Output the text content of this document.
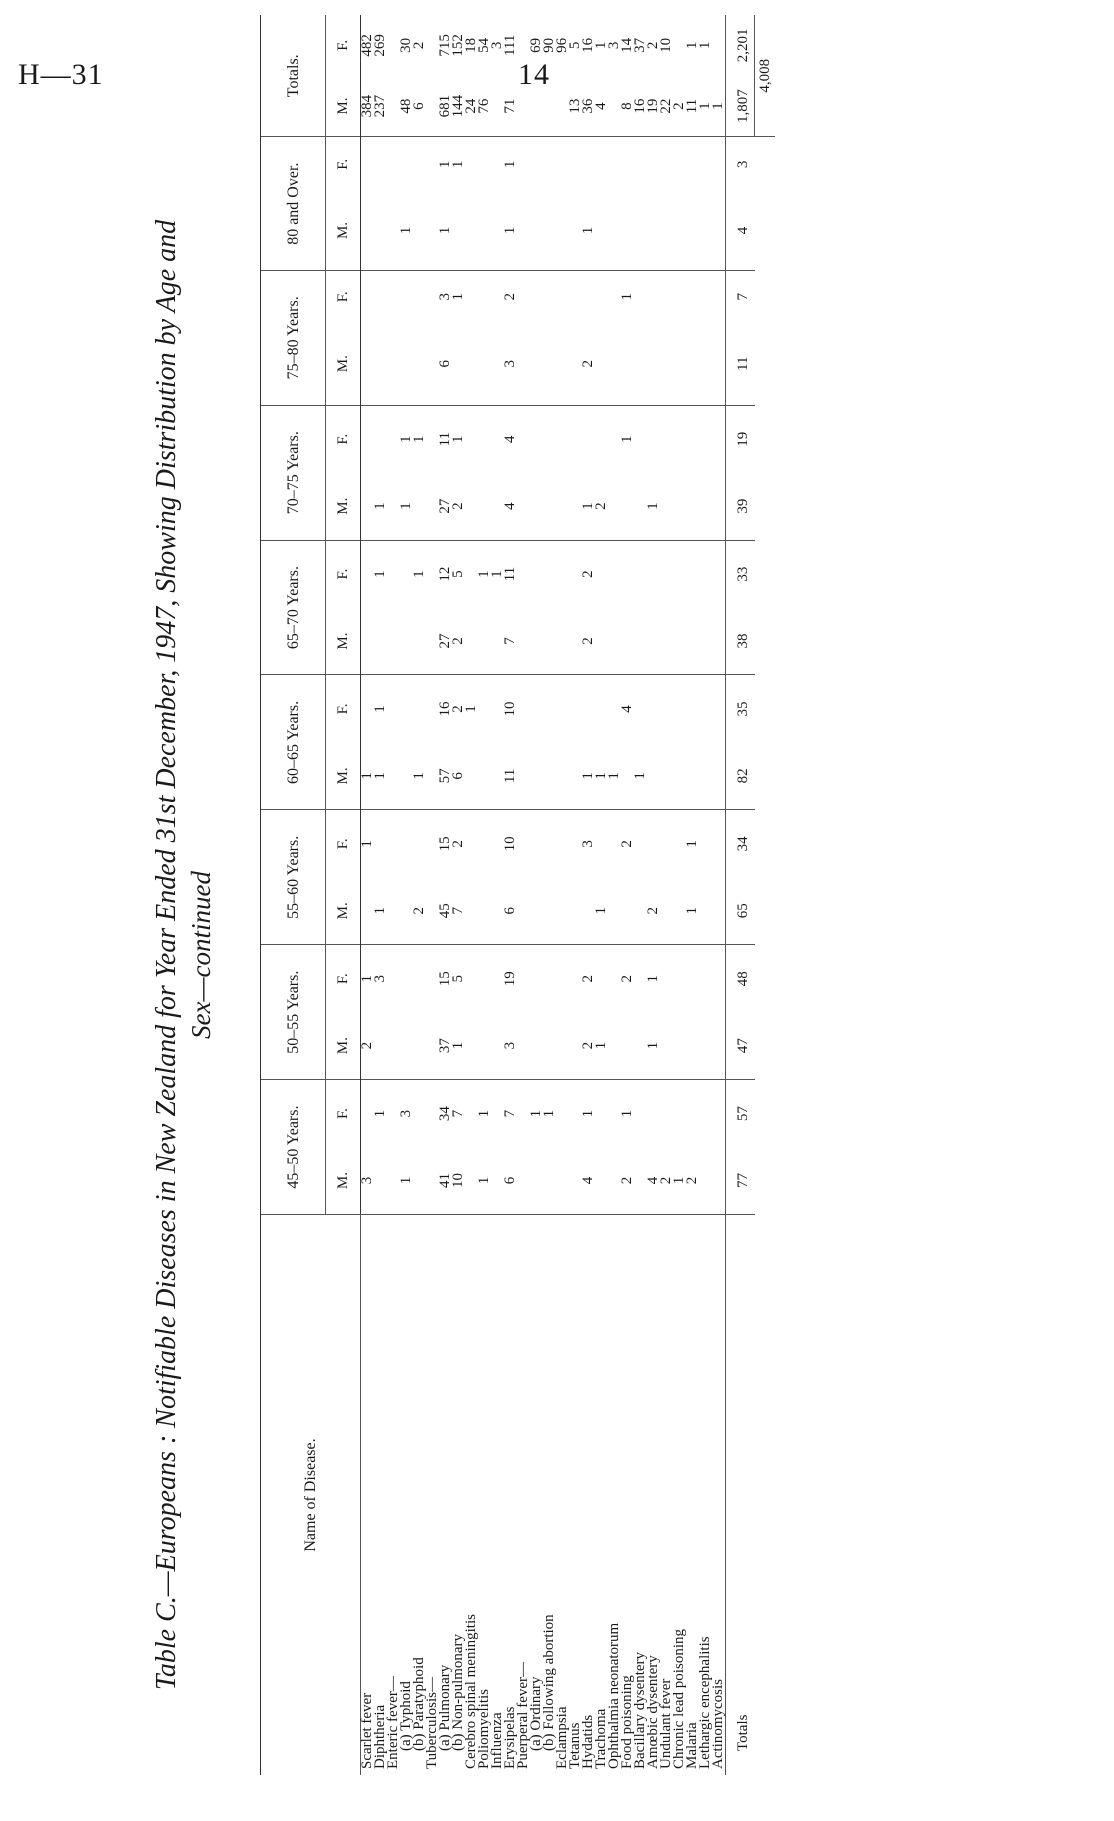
H—31	14
Table C.—Europeans : Notifiable Diseases in New Zealand for Year Ended 31st December, 1947, Showing Distribution by Age and Sex—continued
Name of Disease.	45–50 Years.		50–55 Years.		55–60 Years.		60–65 Years.		65–70 Years.		70–75 Years.		75–80 Years.		80 and Over.		Totals.	
	M.	F.	M.	F.	M.	F.	M.	F.	M.	F.	M.	F.	M.	F.	M.	F.	M.	F.
Scarlet fever	3		2	1		1	1										384	482
Diphtheria		1		3	1		1	1		1	1						237	269
Enteric fever—																		
(a) Typhoid	1	3									1	1			1		48	30
(b) Paratyphoid					2		1			1		1					6	2
Tuberculosis—																		
(a) Pulmonary	41	34	37	15	45	15	57	16	27	12	27	11	6	3	1	1	681	715
(b) Non-pulmonary	10	7	1	5	7	2	6	2	2	5	2	1		1		1	144	152
Cerebro spinal meningitis								1									24	18
Poliomyelitis	1	1								1							76	54
Influenza										1								3
Erysipelas	6	7	3	19	6	10	11	10	7	11	4	4	3	2	1	1	71	111
Puerperal fever—																		
(a) Ordinary		1																69
(b) Following abortion		1																90
Eclampsia																		96
Tetanus																	13	5
Hydatids	4	1	2	2		3	1		2	2	1		2		1		36	16
Trachoma			1		1		1				2						4	1
Ophthalmia neonatorum							1											3
Food poisoning	2	1		2		2		4				1		1			8	14
Bacillary dysentery							1										16	37
Amœbic dysentery	4		1	1	2						1						19	2
Undulant fever	2																22	10
Chronic lead poisoning	1																2	
Malaria	2				1	1											11	1
Lethargic encephalitis																	1	1
Actinomycosis																	1	
Totals	77	57	47	48	65	34	82	35	38	33	39	19	11	7	4	3	1,807	2,201
																	4,008	
